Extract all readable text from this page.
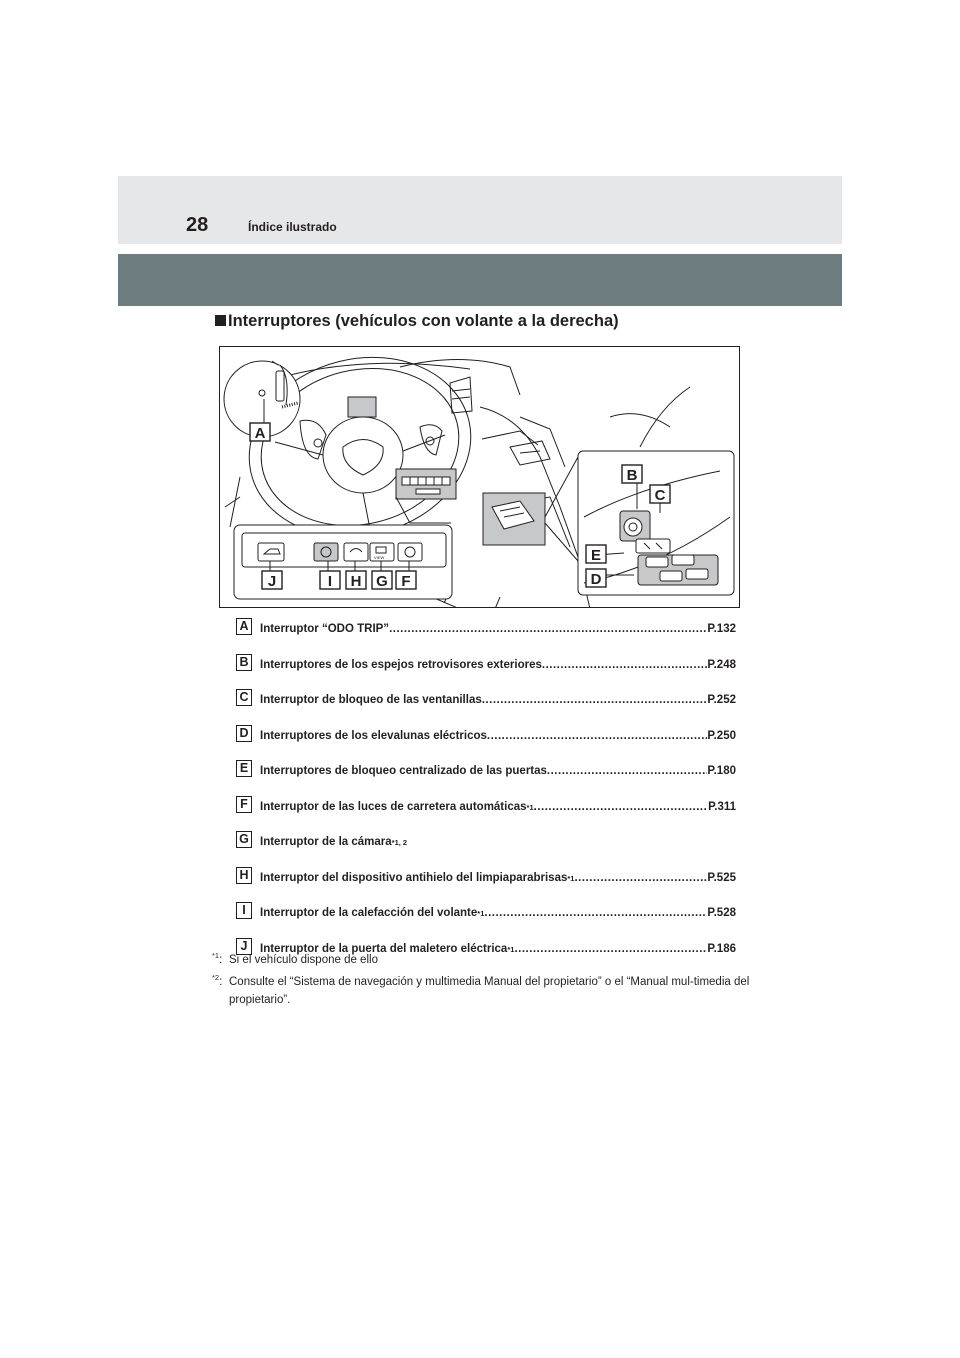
28	Índice ilustrado
Interruptores (vehículos con volante a la derecha)
VIEW
A
B
C
D
E
F
G
H
I
J
A Interruptor “ODO TRIP” .....	P.132
B Interruptores de los espejos retrovisores exteriores .....	P.248
C Interruptor de bloqueo de las ventanillas .....	P.252
D Interruptores de los elevalunas eléctricos .....	P.250
E	Interruptores de bloqueo centralizado de las puertas .....	P.180
F	Interruptor de las luces de carretera automáticas *1 .....	P.311
G Interruptor de la cámara *1, 2
H Interruptor del dispositivo antihielo del limpiaparabrisas *1 .....	P.525
I	Interruptor de la calefacción del volante *1 .....	P.528
J	Interruptor de la puerta del maletero eléctrica *1 .....	P.186
$^{*1}$: Si el vehículo dispone de ello
$^{*2}$: Consulte el “Sistema de navegación y multimedia Manual del propietario” o el “Manual mul-timedia del propietario”.
